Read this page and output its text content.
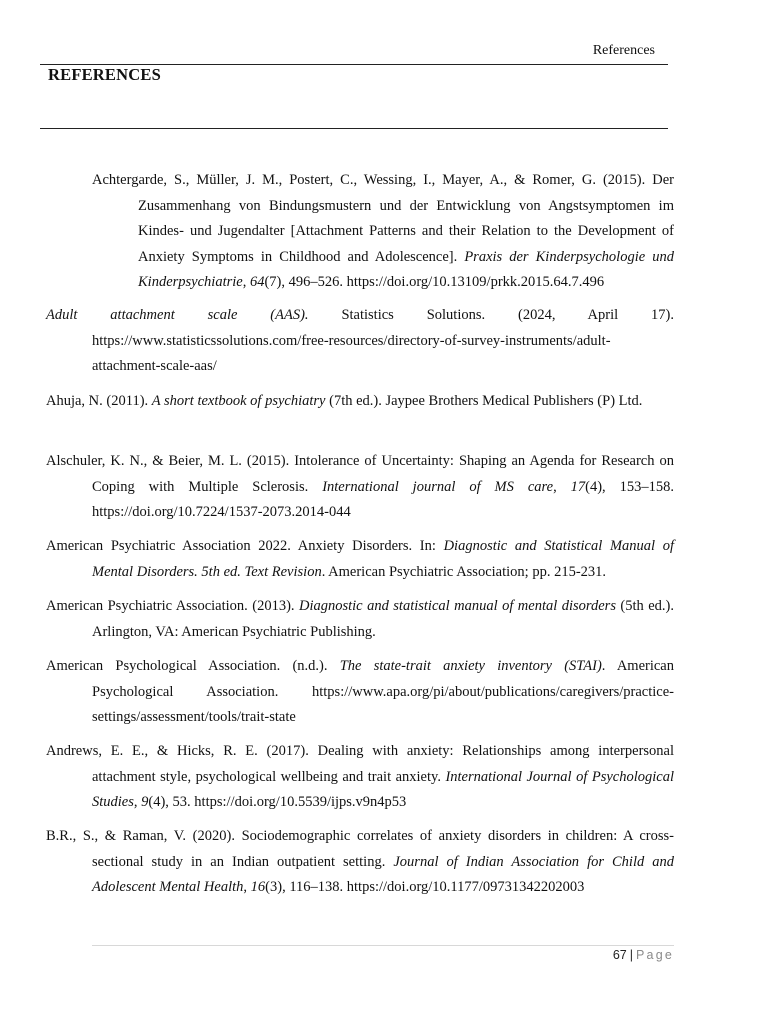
References
REFERENCES

Achtergarde, S., Müller, J. M., Postert, C., Wessing, I., Mayer, A., & Romer, G. (2015). Der Zusammenhang von Bindungsmustern und der Entwicklung von Angstsymptomen im Kindes- und Jugendalter [Attachment Patterns and their Relation to the Development of Anxiety Symptoms in Childhood and Adolescence]. Praxis der Kinderpsychologie und Kinderpsychiatrie, 64(7), 496–526. https://doi.org/10.13109/prkk.2015.64.7.496

Adult attachment scale (AAS). Statistics Solutions. (2024, April 17). https://www.statisticssolutions.com/free-resources/directory-of-survey-instruments/adult-attachment-scale-aas/

Ahuja, N. (2011). A short textbook of psychiatry (7th ed.). Jaypee Brothers Medical Publishers (P) Ltd.

Alschuler, K. N., & Beier, M. L. (2015). Intolerance of Uncertainty: Shaping an Agenda for Research on Coping with Multiple Sclerosis. International journal of MS care, 17(4), 153–158. https://doi.org/10.7224/1537-2073.2014-044

American Psychiatric Association 2022. Anxiety Disorders. In: Diagnostic and Statistical Manual of Mental Disorders. 5th ed. Text Revision. American Psychiatric Association; pp. 215-231.

American Psychiatric Association. (2013). Diagnostic and statistical manual of mental disorders (5th ed.). Arlington, VA: American Psychiatric Publishing.

American Psychological Association. (n.d.). The state-trait anxiety inventory (STAI). American Psychological Association. https://www.apa.org/pi/about/publications/caregivers/practice-settings/assessment/tools/trait-state

Andrews, E. E., & Hicks, R. E. (2017). Dealing with anxiety: Relationships among interpersonal attachment style, psychological wellbeing and trait anxiety. International Journal of Psychological Studies, 9(4), 53. https://doi.org/10.5539/ijps.v9n4p53

B.R., S., & Raman, V. (2020). Sociodemographic correlates of anxiety disorders in children: A cross-sectional study in an Indian outpatient setting. Journal of Indian Association for Child and Adolescent Mental Health, 16(3), 116–138. https://doi.org/10.1177/09731342202003

67 | Page
